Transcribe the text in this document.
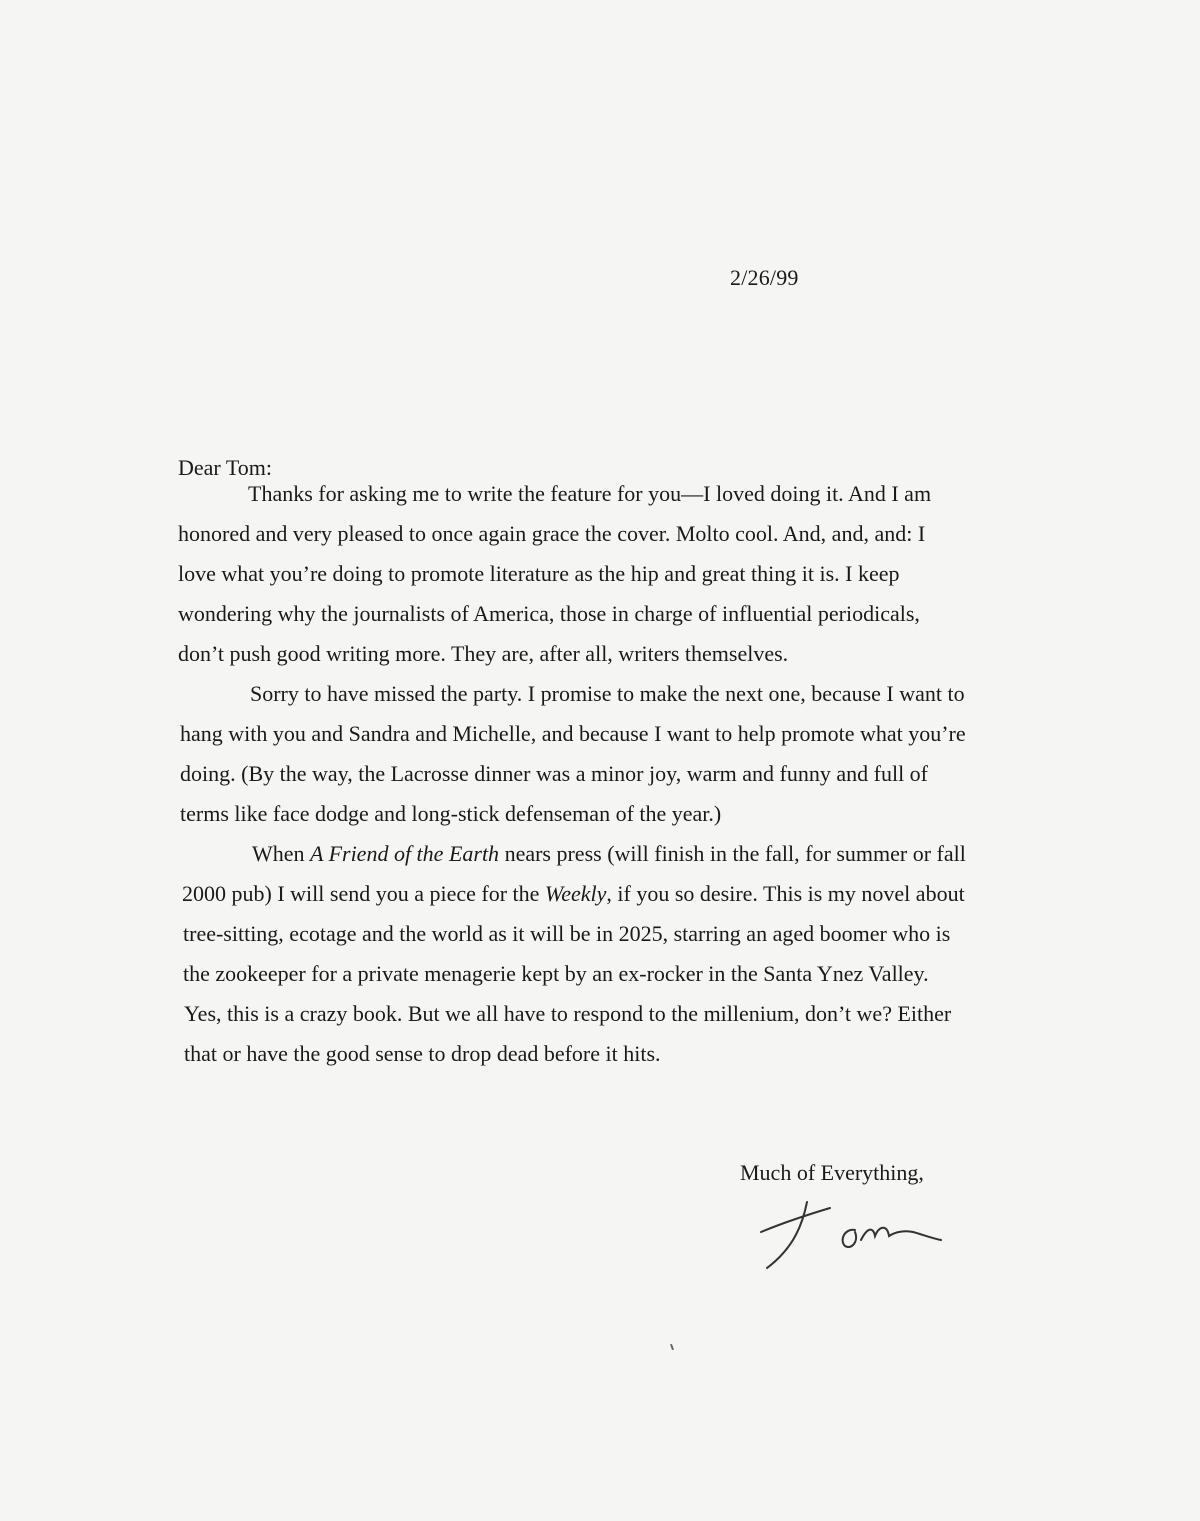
2/26/99
Dear Tom:
Thanks for asking me to write the feature for you—I loved doing it. And I am
honored and very pleased to once again grace the cover. Molto cool. And, and, and: I
love what you’re doing to promote literature as the hip and great thing it is. I keep
wondering why the journalists of America, those in charge of influential periodicals,
don’t push good writing more. They are, after all, writers themselves.
Sorry to have missed the party. I promise to make the next one, because I want to
hang with you and Sandra and Michelle, and because I want to help promote what you’re
doing. (By the way, the Lacrosse dinner was a minor joy, warm and funny and full of
terms like face dodge and long-stick defenseman of the year.)
When A Friend of the Earth nears press (will finish in the fall, for summer or fall
2000 pub) I will send you a piece for the Weekly, if you so desire. This is my novel about
tree-sitting, ecotage and the world as it will be in 2025, starring an aged boomer who is
the zookeeper for a private menagerie kept by an ex-rocker in the Santa Ynez Valley.
Yes, this is a crazy book. But we all have to respond to the millenium, don’t we? Either
that or have the good sense to drop dead before it hits.
Much of Everything,
